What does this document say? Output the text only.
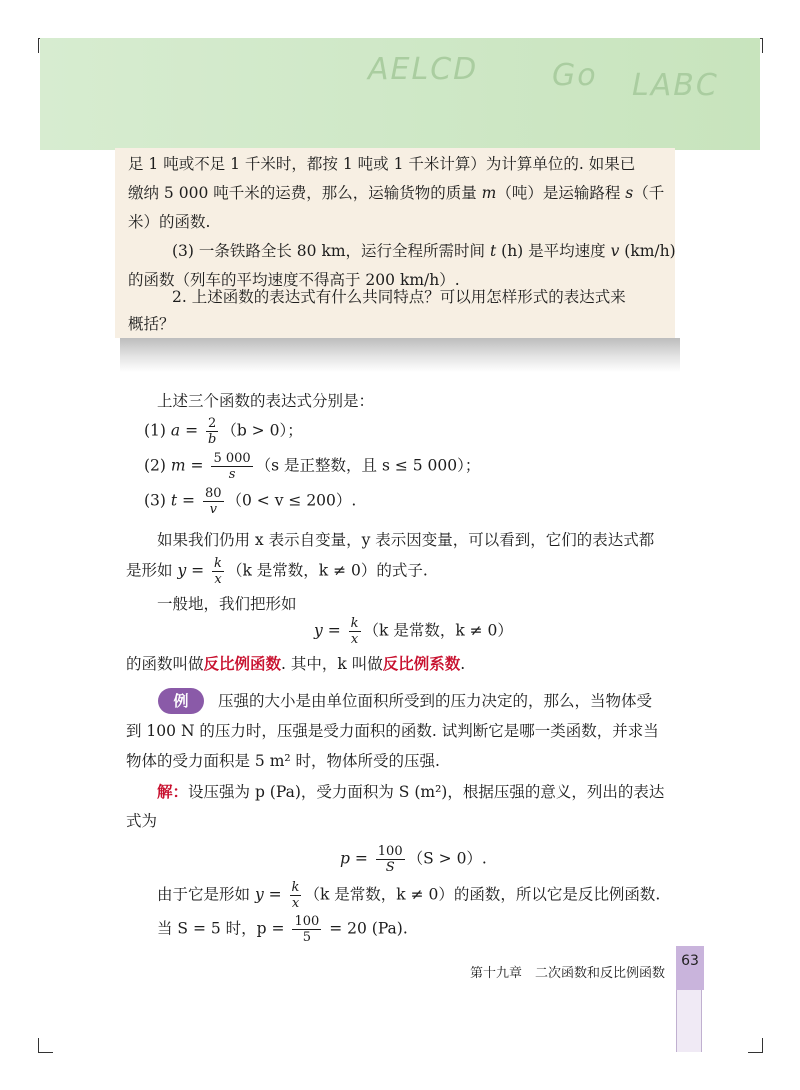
AELCD Go LABC
足 1 吨或不足 1 千米时，都按 1 吨或 1 千米计算）为计算单位的. 如果已
缴纳 5 000 吨千米的运费，那么，运输货物的质量 m（吨）是运输路程 s（千
米）的函数.
(3) 一条铁路全长 80 km，运行全程所需时间 t (h) 是平均速度 v (km/h)
的函数（列车的平均速度不得高于 200 km/h）.
2. 上述函数的表达式有什么共同特点？可以用怎样形式的表达式来
概括？
上述三个函数的表达式分别是：
(1) $a = \frac{2}{b} (b > 0)$；
(2) $m = \frac{5 000}{s} (s$ 是正整数，且 s ≤ 5 000）；
(3) $t = \frac{80}{v} (0 < v \le 200)$.
如果我们仍用 x 表示自变量，y 表示因变量，可以看到，它们的表达式都
是形如 $y = \frac{k}{x} (k$ 是常数，k ≠ 0）的式子.
一般地，我们把形如
$y = \frac{k}{x} (k$ 是常数，k ≠ 0）
的函数叫做反比例函数. 其中，k 叫做反比例系数.
例	压强的大小是由单位面积所受到的压力决定的，那么，当物体受
到 100 N 的压力时，压强是受力面积的函数. 试判断它是哪一类函数，并求当
物体的受力面积是 5 m² 时，物体所受的压强.
解：设压强为 p (Pa)，受力面积为 S (m²)，根据压强的意义，列出的表达
式为
$p = \frac{100}{S} (S > 0)$.
由于它是形如 $y = \frac{k}{x} (k$ 是常数，k ≠ 0）的函数，所以它是反比例函数.
当 S = 5 时，$p = \frac{100}{5} = 20$ (Pa).
第十九章　二次函数和反比例函数
63
